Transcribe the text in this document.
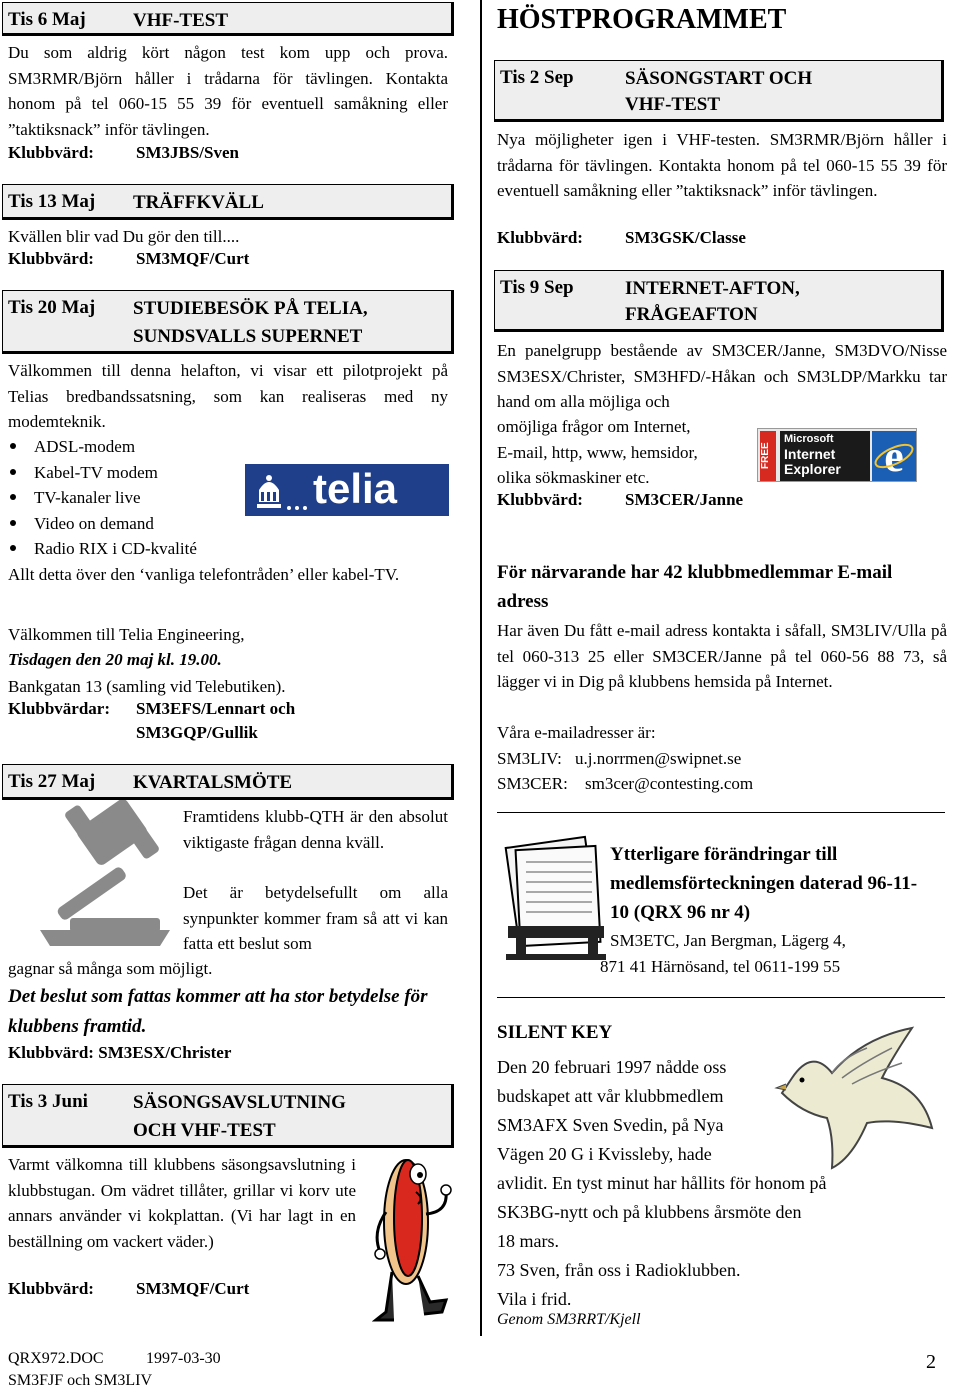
Tis 6 Maj VHF-TEST
Du som aldrig kört någon test kom upp och prova. SM3RMR/Björn håller i trådarna för tävlingen. Kontakta honom på tel 060-15 55 39 för eventuell samåkning eller ”taktiksnack” inför tävlingen.
Klubbvärd: SM3JBS/Sven
Tis 13 Maj TRÄFFKVÄLL
Kvällen blir vad Du gör den till....
Klubbvärd: SM3MQF/Curt
Tis 20 Maj STUDIEBESÖK PÅ TELIA,
SUNDSVALLS SUPERNET
Välkommen till denna helafton, vi visar ett pilotprojekt på Telias bredbandssatsning, som kan realiseras med ny modemteknik.
ADSL-modem
Kabel-TV modem
TV-kanaler live
Video on demand
Radio RIX i CD-kvalité
telia
Allt detta över den ‘vanliga telefontråden’ eller kabel-TV.
Välkommen till Telia Engineering,
Tisdagen den 20 maj kl. 19.00.
Bankgatan 13 (samling vid Telebutiken).
Klubbvärdar: SM3EFS/Lennart och
SM3GQP/Gullik
Tis 27 Maj KVARTALSMÖTE
Framtidens klubb-QTH är den absolut viktigaste frågan denna kväll.
Det är betydelsefullt om alla synpunkter kommer fram så att vi kan fatta ett beslut som
gagnar så många som möjligt.
Det beslut som fattas kommer att ha stor betydelse för klubbens framtid.
Klubbvärd: SM3ESX/Christer
Tis 3 Juni SÄSONGSAVSLUTNING
OCH VHF-TEST
Varmt välkomna till klubbens säsongsavslutning i klubbstugan. Om vädret tillåter, grillar vi korv ute annars använder vi kokplattan. (Vi har lagt in en beställning om vackert väder.)
Klubbvärd: SM3MQF/Curt
HÖSTPROGRAMMET
Tis 2 Sep	SÄSONGSTART OCH
VHF-TEST
Nya möjligheter igen i VHF-testen. SM3RMR/Björn håller i trådarna för tävlingen. Kontakta honom på tel 060-15 55 39 för eventuell samåkning eller ”taktiksnack” inför tävlingen.
Klubbvärd: SM3GSK/Classe
Tis 9 Sep	INTERNET-AFTON,
FRÅGEAFTON
En panelgrupp bestående av SM3CER/Janne, SM3DVO/Nisse SM3ESX/Christer, SM3HFD/-Håkan och SM3LDP/Markku tar hand om alla möjliga och
omöjliga frågor om Internet,
E-mail, http, www, hemsidor,
olika sökmaskiner etc.
Klubbvärd: SM3CER/Janne
FREE
Microsoft
Internet
Explorer e
För närvarande har 42 klubbmedlemmar E-mail adress
Har även Du fått e-mail adress kontakta i såfall, SM3LIV/Ulla på tel 060-313 25 eller SM3CER/Janne på tel 060-56 88 73, så lägger vi in Dig på klubbens hemsida på Internet.
Våra e-mailadresser är:
SM3LIV: u.j.norrmen@swipnet.se
SM3CER: sm3cer@contesting.com
Ytterligare förändringar till medlemsförteckningen daterad 96-11-10 (QRX 96 nr 4)
SM3ETC, Jan Bergman, Lägerg 4,
871 41 Härnösand, tel 0611-199 55
SILENT KEY
Den 20 februari 1997 nådde oss
budskapet att vår klubbmedlem
SM3AFX Sven Svedin, på Nya
Vägen 20 G i Kvissleby, hade
avlidit. En tyst minut har hållits för honom på
SK3BG-nytt och på klubbens årsmöte den
18 mars.
73 Sven, från oss i Radioklubben.
Vila i frid.
Genom SM3RRT/Kjell
QRX972.DOC	1997-03-30
SM3FJF och SM3LIV
2
